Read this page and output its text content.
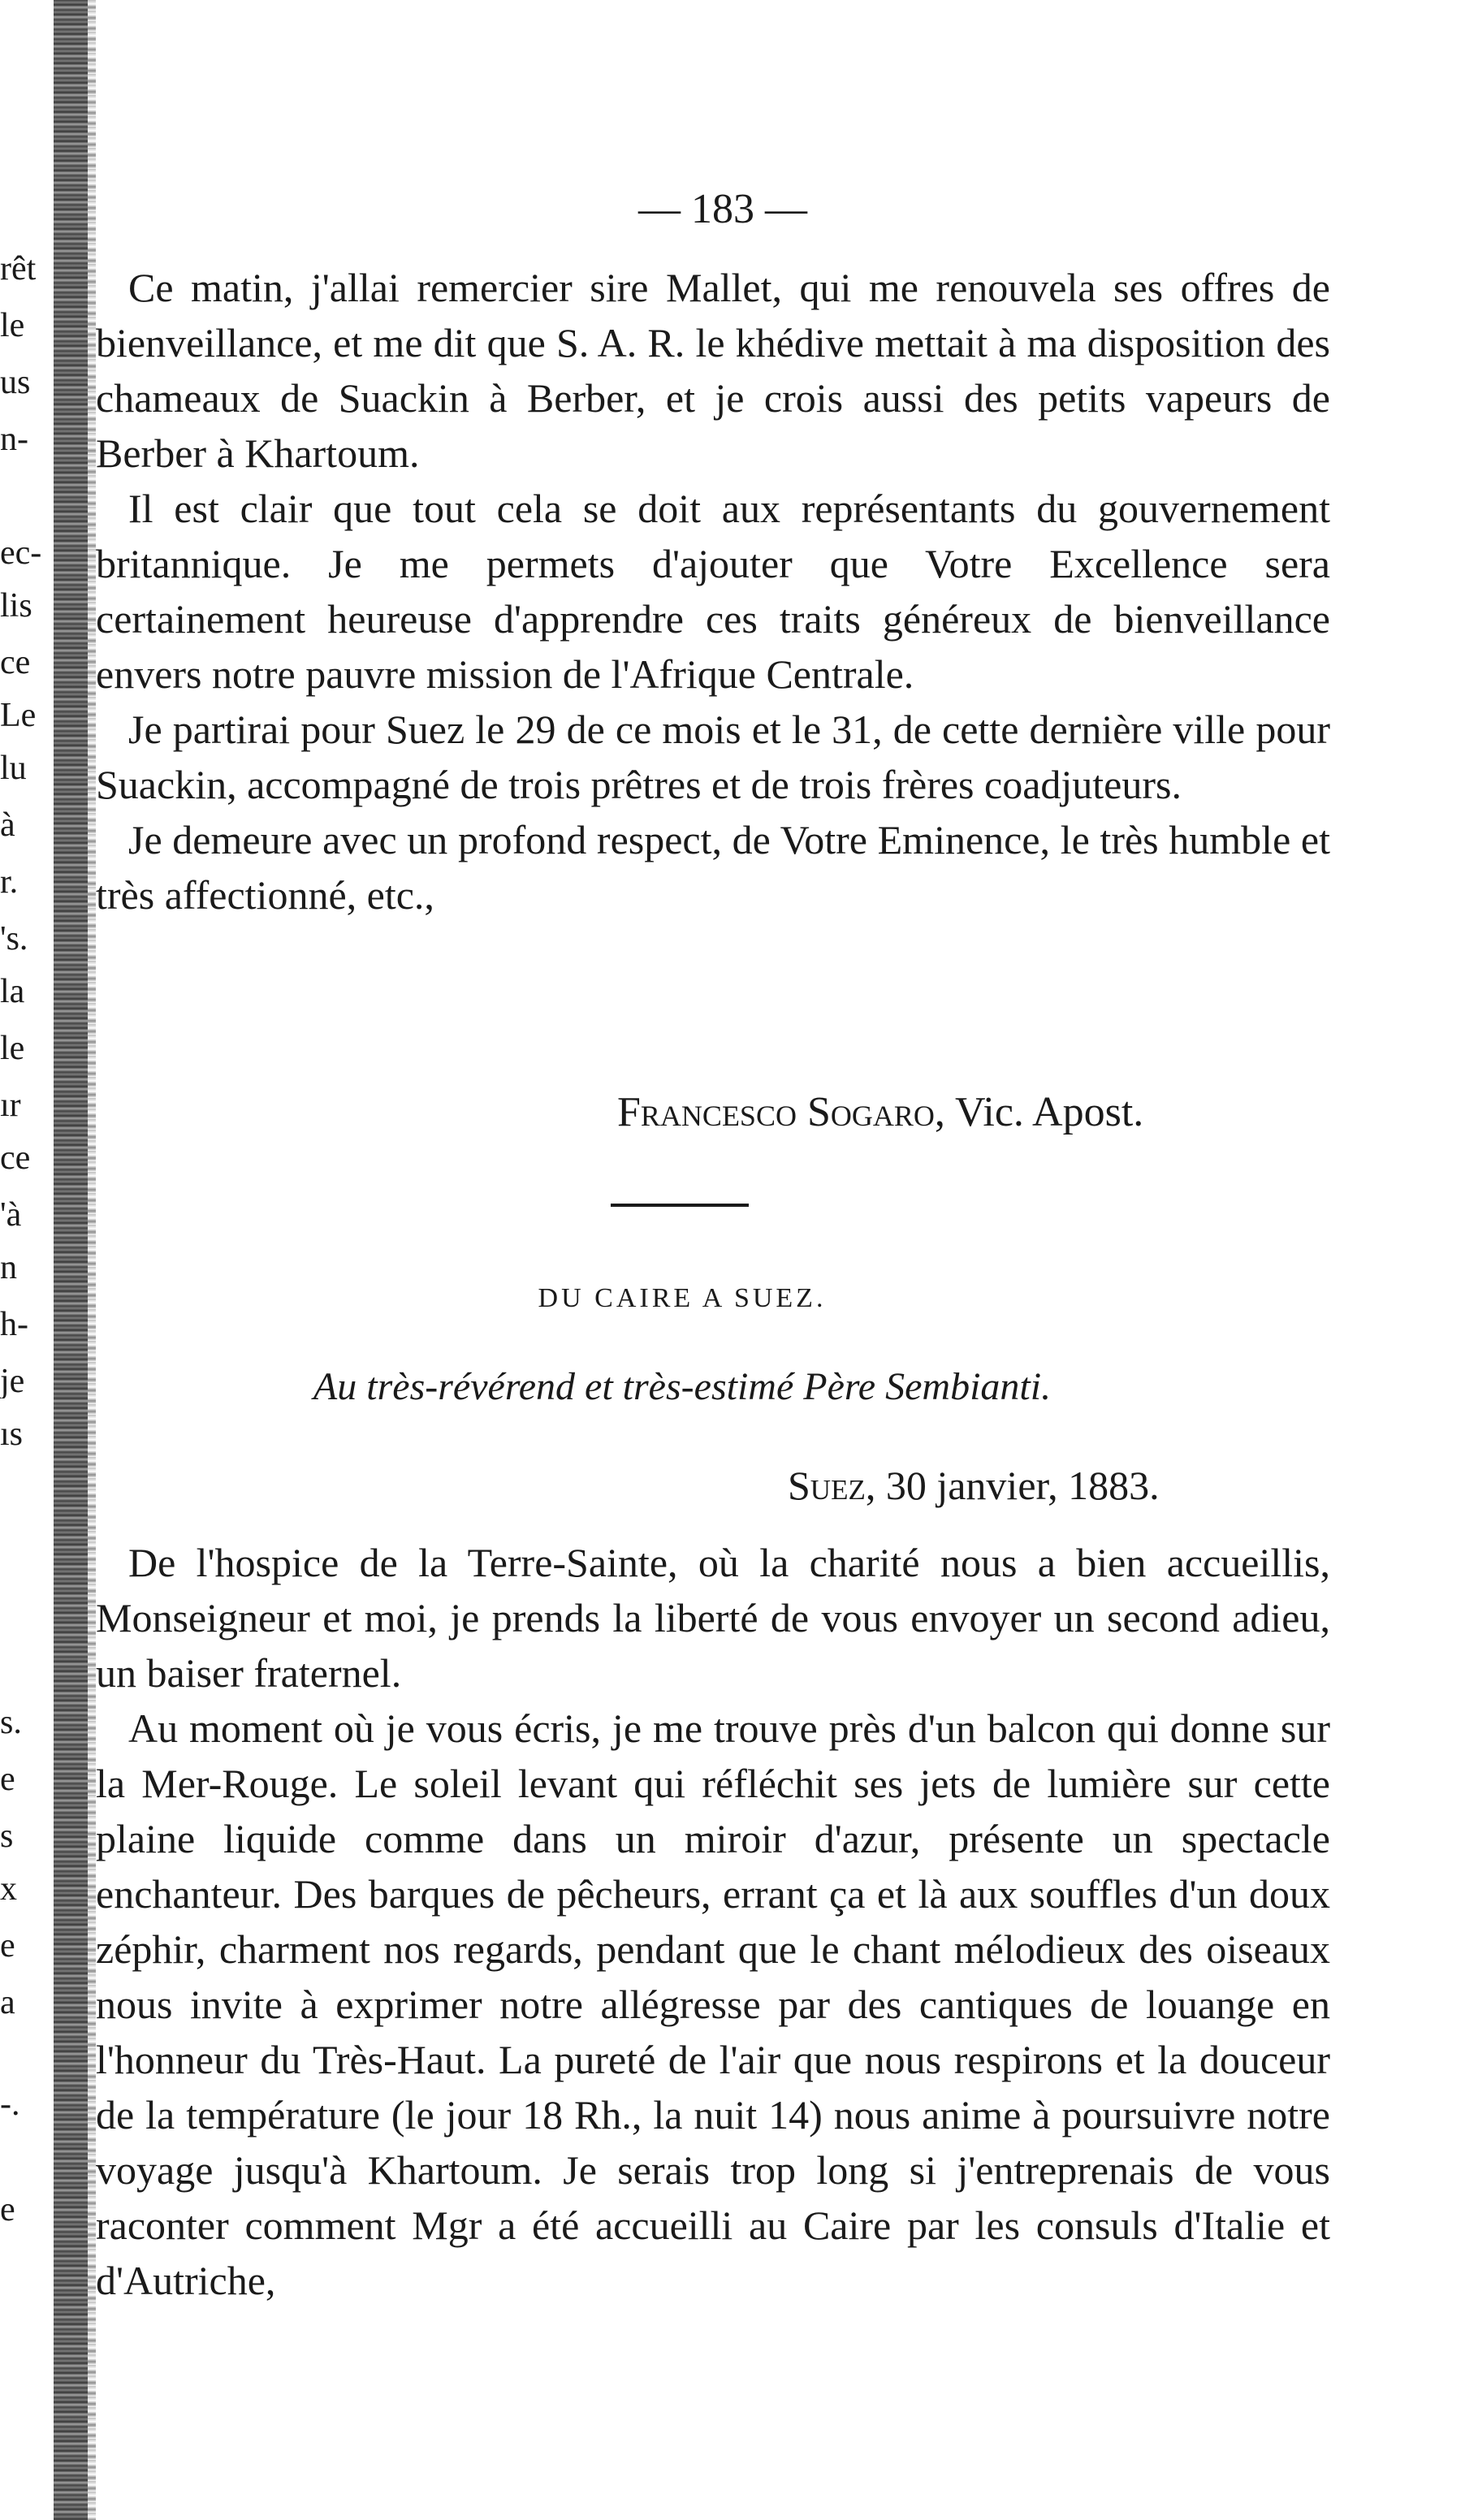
rêt
le
us
n-
ec-
lis
ce
Le
lu
à
r.
's.
la
le
ır
ce
'à
n
h-
je
ıs
s.
e
s
x
e
a
-.
e
— 183 —

Ce matin, j'allai remercier sire Mallet, qui me renouvela ses offres de bienveillance, et me dit que S. A. R. le khédive mettait à ma disposition des chameaux de Suackin à Berber, et je crois aussi des petits vapeurs de Berber à Khartoum.

Il est clair que tout cela se doit aux représentants du gouvernement britannique. Je me permets d'ajouter que Votre Excellence sera certainement heureuse d'apprendre ces traits généreux de bienveillance envers notre pauvre mission de l'Afrique Centrale.

Je partirai pour Suez le 29 de ce mois et le 31, de cette dernière ville pour Suackin, accompagné de trois prêtres et de trois frères coadjuteurs.

Je demeure avec un profond respect, de Votre Eminence, le très humble et très affectionné, etc.,

Francesco Sogaro, Vic. Apost.
DU CAIRE A SUEZ.
Au très-révérend et très-estimé Père Sembianti.
Suez, 30 janvier, 1883.

De l'hospice de la Terre-Sainte, où la charité nous a bien accueillis, Monseigneur et moi, je prends la liberté de vous envoyer un second adieu, un baiser fraternel.

Au moment où je vous écris, je me trouve près d'un balcon qui donne sur la Mer-Rouge. Le soleil levant qui réfléchit ses jets de lumière sur cette plaine liquide comme dans un miroir d'azur, présente un spectacle enchanteur. Des barques de pêcheurs, errant ça et là aux souffles d'un doux zéphir, charment nos regards, pendant que le chant mélodieux des oiseaux nous invite à exprimer notre allégresse par des cantiques de louange en l'honneur du Très-Haut. La pureté de l'air que nous respirons et la douceur de la température (le jour 18 Rh., la nuit 14) nous anime à poursuivre notre voyage jusqu'à Khartoum. Je serais trop long si j'entreprenais de vous raconter comment Mgr a été accueilli au Caire par les consuls d'Italie et d'Autriche,
